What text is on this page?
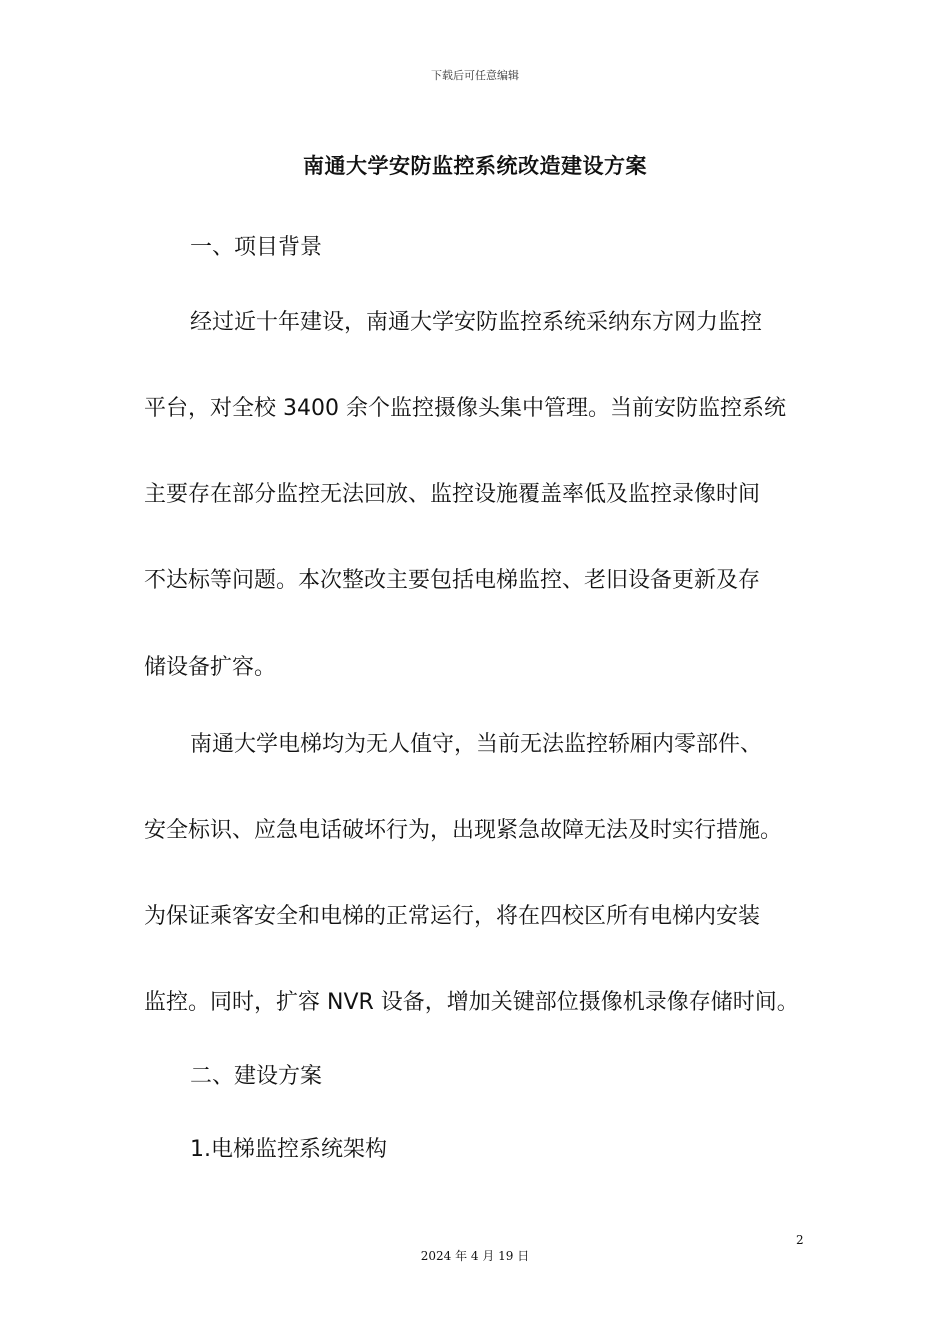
下载后可任意编辑
南通大学安防监控系统改造建设方案
一、项目背景
经过近十年建设，南通大学安防监控系统采纳东方网力监控
平台，对全校 3400 余个监控摄像头集中管理。当前安防监控系统
主要存在部分监控无法回放、监控设施覆盖率低及监控录像时间
不达标等问题。本次整改主要包括电梯监控、老旧设备更新及存
储设备扩容。
南通大学电梯均为无人值守，当前无法监控轿厢内零部件、
安全标识、应急电话破坏行为，出现紧急故障无法及时实行措施。
为保证乘客安全和电梯的正常运行，将在四校区所有电梯内安装
监控。同时，扩容 NVR 设备，增加关键部位摄像机录像存储时间。
二、建设方案
1.电梯监控系统架构
2
2024 年 4 月 19 日
